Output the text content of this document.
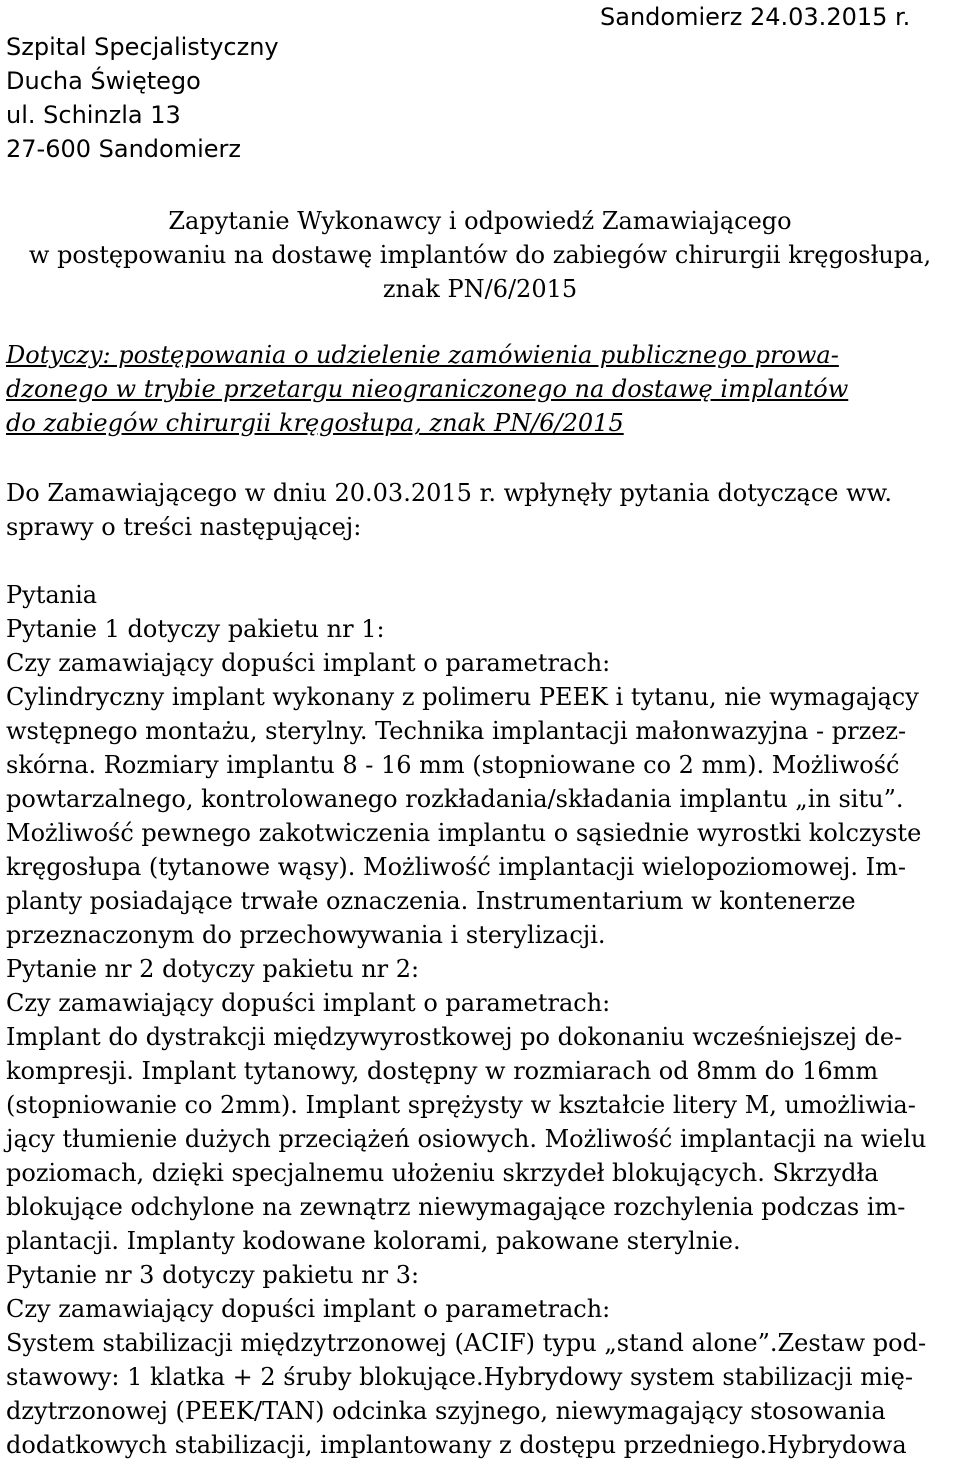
Szpital Specjalistyczny
Ducha Świętego
ul. Schinzla 13
27-600 Sandomierz
Sandomierz 24.03.2015 r.
Zapytanie Wykonawcy i odpowiedź Zamawiającego
w postępowaniu na dostawę implantów do zabiegów chirurgii kręgosłupa,
znak PN/6/2015
Dotyczy: postępowania o udzielenie zamówienia publicznego prowa-
dzonego w trybie przetargu nieograniczonego na dostawę implantów
do zabiegów chirurgii kręgosłupa, znak PN/6/2015
Do Zamawiającego w dniu 20.03.2015 r. wpłynęły pytania dotyczące ww.
sprawy o treści następującej:
Pytania
Pytanie 1 dotyczy pakietu nr 1:
Czy zamawiający dopuści implant o parametrach:
Cylindryczny implant wykonany z polimeru PEEK i tytanu, nie wymagający
wstępnego montażu, sterylny. Technika implantacji małonwazyjna - przez-
skórna. Rozmiary implantu 8 - 16 mm (stopniowane co 2 mm). Możliwość
powtarzalnego, kontrolowanego rozkładania/składania implantu „in situ”.
Możliwość pewnego zakotwiczenia implantu o sąsiednie wyrostki kolczyste
kręgosłupa (tytanowe wąsy). Możliwość implantacji wielopoziomowej. Im-
planty posiadające trwałe oznaczenia. Instrumentarium w kontenerze
przeznaczonym do przechowywania i sterylizacji.
Pytanie nr 2 dotyczy pakietu nr 2:
Czy zamawiający dopuści implant o parametrach:
Implant do dystrakcji międzywyrostkowej po dokonaniu wcześniejszej de-
kompresji. Implant tytanowy, dostępny w rozmiarach od 8mm do 16mm
(stopniowanie co 2mm). Implant sprężysty w kształcie litery M, umożliwia-
jący tłumienie dużych przeciążeń osiowych. Możliwość implantacji na wielu
poziomach, dzięki specjalnemu ułożeniu skrzydeł blokujących. Skrzydła
blokujące odchylone na zewnątrz niewymagające rozchylenia podczas im-
plantacji. Implanty kodowane kolorami, pakowane sterylnie.
Pytanie nr 3 dotyczy pakietu nr 3:
Czy zamawiający dopuści implant o parametrach:
System stabilizacji międzytrzonowej (ACIF) typu „stand alone”.Zestaw pod-
stawowy: 1 klatka + 2 śruby blokujące.Hybrydowy system stabilizacji mię-
dzytrzonowej (PEEK/TAN) odcinka szyjnego, niewymagający stosowania
dodatkowych stabilizacji, implantowany z dostępu przedniego.Hybrydowa
